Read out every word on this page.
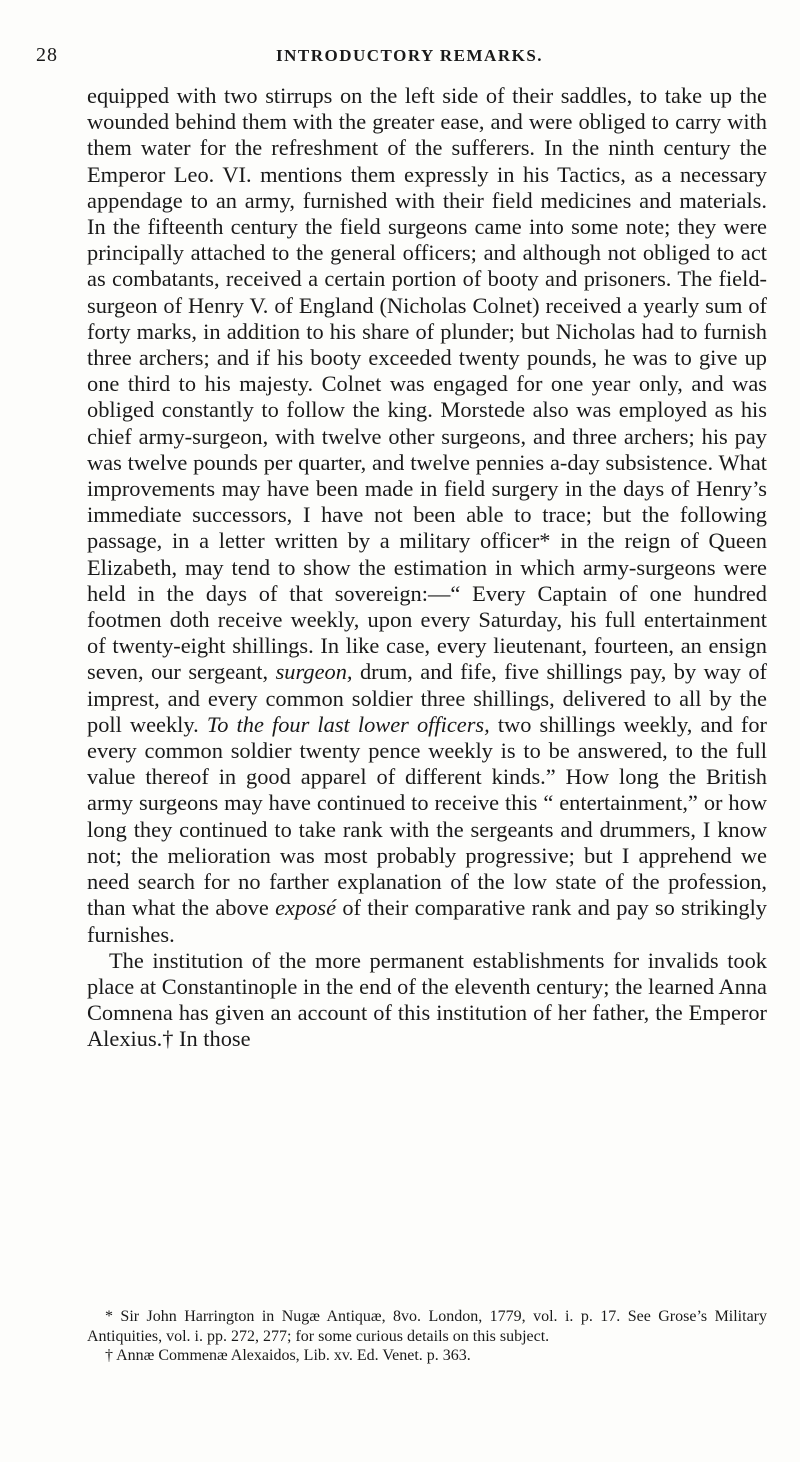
28	INTRODUCTORY REMARKS.

equipped with two stirrups on the left side of their saddles, to take up the wounded behind them with the greater ease, and were obliged to carry with them water for the refreshment of the sufferers. In the ninth century the Emperor Leo. VI. mentions them expressly in his Tactics, as a necessary appendage to an army, furnished with their field medicines and materials. In the fifteenth century the field surgeons came into some note; they were principally attached to the general officers; and although not obliged to act as combatants, received a certain portion of booty and prisoners. The field-surgeon of Henry V. of England (Nicholas Colnet) received a yearly sum of forty marks, in addition to his share of plunder; but Nicholas had to furnish three archers; and if his booty exceeded twenty pounds, he was to give up one third to his majesty. Colnet was engaged for one year only, and was obliged constantly to follow the king. Morstede also was employed as his chief army-surgeon, with twelve other surgeons, and three archers; his pay was twelve pounds per quarter, and twelve pennies a-day subsistence. What improvements may have been made in field surgery in the days of Henry’s immediate successors, I have not been able to trace; but the following passage, in a letter written by a military officer* in the reign of Queen Elizabeth, may tend to show the estimation in which army-surgeons were held in the days of that sovereign:—“ Every Captain of one hundred footmen doth receive weekly, upon every Saturday, his full entertainment of twenty-eight shillings. In like case, every lieutenant, fourteen, an ensign seven, our sergeant, surgeon, drum, and fife, five shillings pay, by way of imprest, and every common soldier three shillings, delivered to all by the poll weekly. To the four last lower officers, two shillings weekly, and for every common soldier twenty pence weekly is to be answered, to the full value thereof in good apparel of different kinds.” How long the British army surgeons may have continued to receive this “ entertainment,” or how long they continued to take rank with the sergeants and drummers, I know not; the melioration was most probably progressive; but I apprehend we need search for no farther explanation of the low state of the profession, than what the above exposé of their comparative rank and pay so strikingly furnishes.

The institution of the more permanent establishments for invalids took place at Constantinople in the end of the eleventh century; the learned Anna Comnena has given an account of this institution of her father, the Emperor Alexius.† In those

* Sir John Harrington in Nugæ Antiquæ, 8vo. London, 1779, vol. i. p. 17. See Grose’s Military Antiquities, vol. i. pp. 272, 277; for some curious details on this subject.

† Annæ Commenæ Alexaidos, Lib. xv. Ed. Venet. p. 363.
